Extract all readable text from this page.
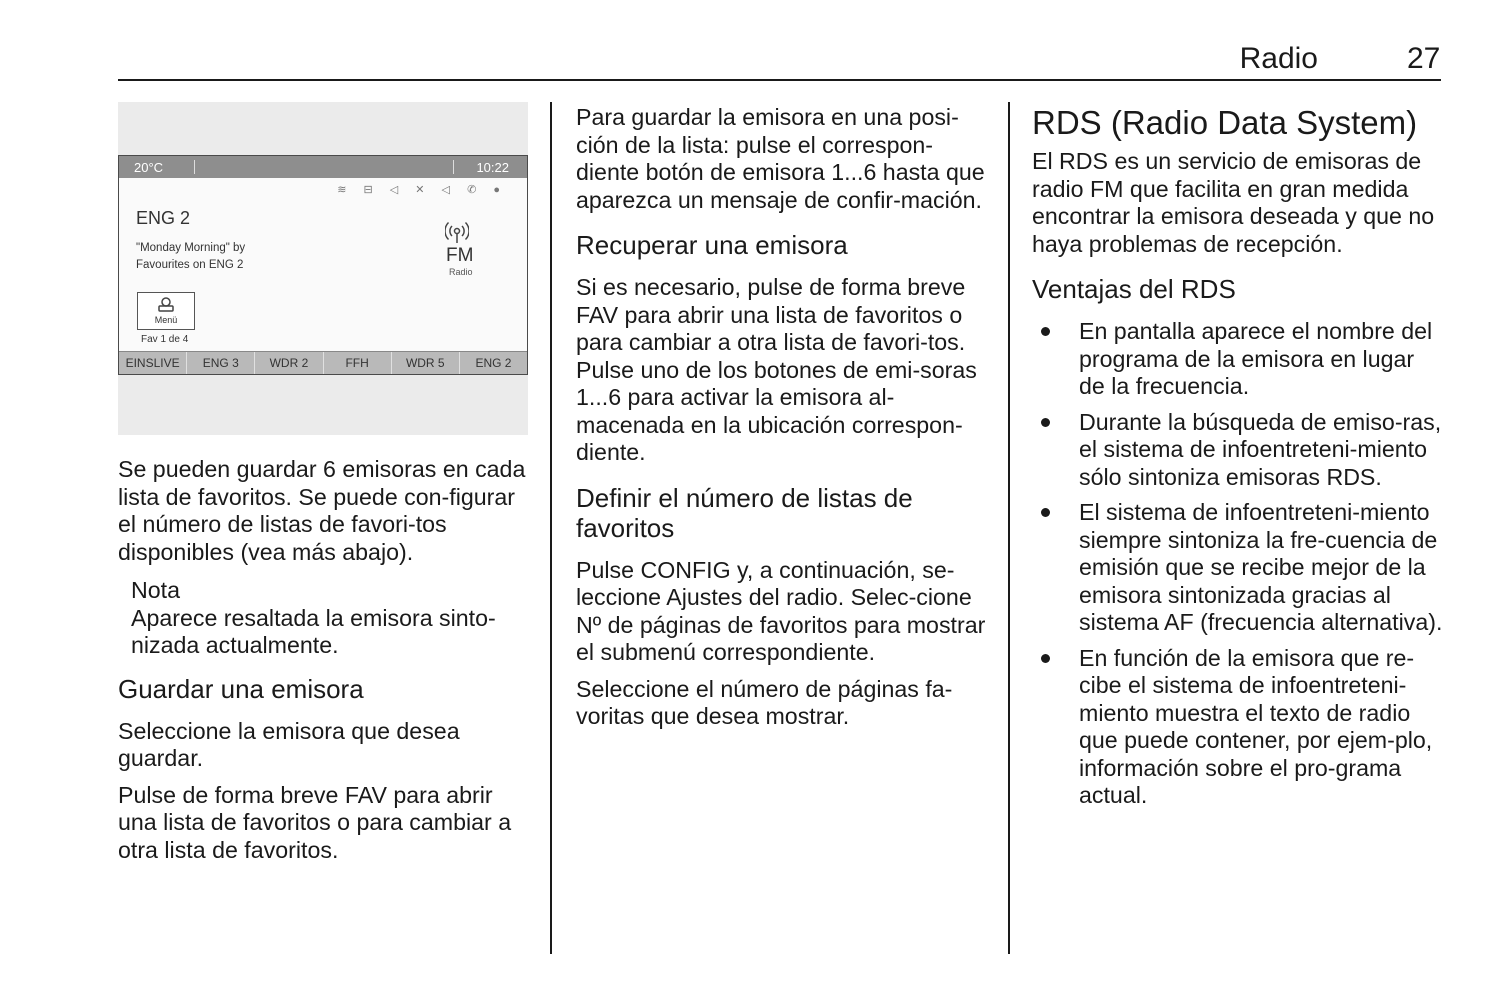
Radio	27
20°C	10:22
≋ ⊟ ◁ ✕ ◁ ✆ ●
ENG 2
"Monday Morning" by
Favourites on ENG 2	FM
Radio
Menü
Fav 1 de 4
EINSLIVE	ENG 3	WDR 2	FFH	WDR 5	ENG 2

Se pueden guardar 6 emisoras en cada lista de favoritos. Se puede con-figurar el número de listas de favori-tos disponibles (vea más abajo).

Nota

Aparece resaltada la emisora sinto-nizada actualmente.

Guardar una emisora

Seleccione la emisora que desea guardar.

Pulse de forma breve FAV para abrir una lista de favoritos o para cambiar a otra lista de favoritos.

Para guardar la emisora en una posi-ción de la lista: pulse el correspon-diente botón de emisora 1...6 hasta que aparezca un mensaje de confir-mación.

Recuperar una emisora

Si es necesario, pulse de forma breve FAV para abrir una lista de favoritos o para cambiar a otra lista de favori-tos. Pulse uno de los botones de emi-soras 1...6 para activar la emisora al-macenada en la ubicación correspon-diente.

Definir el número de listas de favoritos

Pulse CONFIG y, a continuación, se-leccione Ajustes del radio. Selec-cione Nº de páginas de favoritos para mostrar el submenú correspondiente.

Seleccione el número de páginas fa-voritas que desea mostrar.

RDS (Radio Data System)

El RDS es un servicio de emisoras de radio FM que facilita en gran medida encontrar la emisora deseada y que no haya problemas de recepción.

Ventajas del RDS

En pantalla aparece el nombre del programa de la emisora en lugar de la frecuencia.
Durante la búsqueda de emiso-ras, el sistema de infoentreteni-miento sólo sintoniza emisoras RDS.
El sistema de infoentreteni-miento siempre sintoniza la fre-cuencia de emisión que se recibe mejor de la emisora sintonizada gracias al sistema AF (frecuencia alternativa).
En función de la emisora que re-cibe el sistema de infoentreteni-miento muestra el texto de radio que puede contener, por ejem-plo, información sobre el pro-grama actual.
